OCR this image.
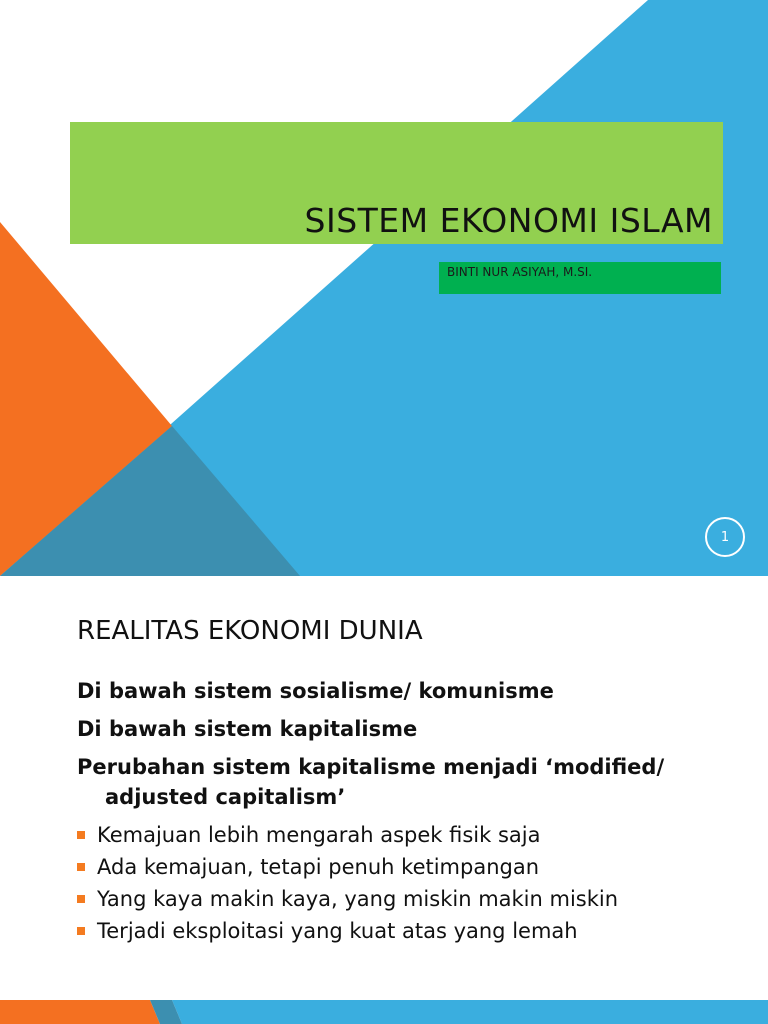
SISTEM EKONOMI ISLAM
BINTI NUR ASIYAH, M.SI.
1
REALITAS EKONOMI DUNIA
Di bawah sistem sosialisme/ komunisme
Di bawah sistem kapitalisme
Perubahan sistem kapitalisme menjadi ‘modified/ adjusted capitalism’
Kemajuan lebih mengarah aspek fisik saja
Ada kemajuan, tetapi penuh ketimpangan
Yang kaya makin kaya, yang miskin makin miskin
Terjadi eksploitasi yang kuat atas yang lemah
